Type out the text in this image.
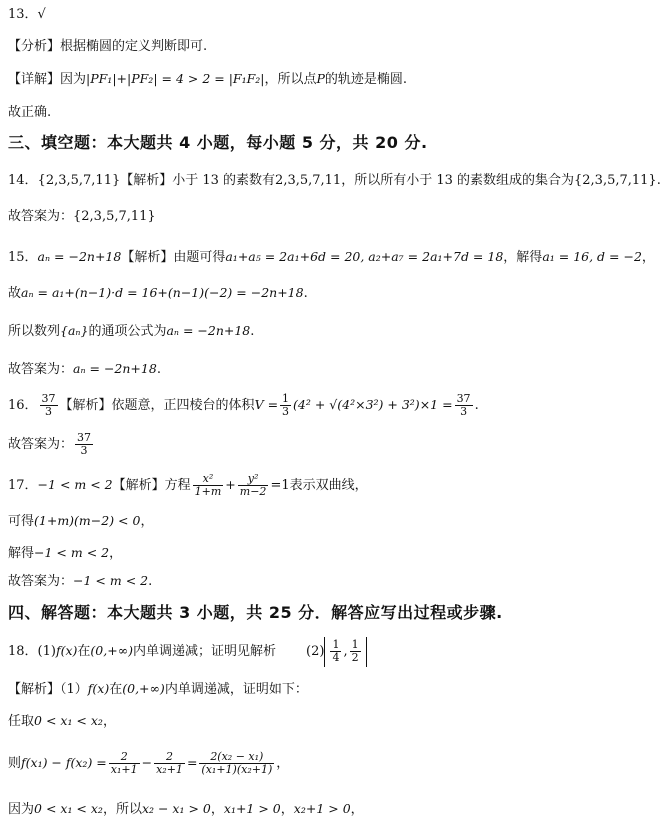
13．√
【分析】根据椭圆的定义判断即可.
【详解】因为|PF₁|+|PF₂| = 4 > 2 = |F₁F₂|，所以点P的轨迹是椭圆.
故正确.
三、填空题：本大题共 4 小题，每小题 5 分，共 20 分.
14．{2,3,5,7,11}【解析】小于 13 的素数有2,3,5,7,11，所以所有小于 13 的素数组成的集合为{2,3,5,7,11}.
故答案为：{2,3,5,7,11}
15．aₙ = −2n+18【解析】由题可得a₁+a₅ = 2a₁+6d = 20, a₂+a₇ = 2a₁+7d = 18，解得a₁ = 16, d = −2，
故aₙ = a₁+(n−1)·d = 16+(n−1)(−2) = −2n+18.
所以数列{aₙ}的通项公式为aₙ = −2n+18.
故答案为：aₙ = −2n+18.
16． $\frac{37}{3}$ 【解析】依题意，正四棱台的体积$V = \frac{1}{3} (4^2 + √(4^2\times 3^2) + 3^2)\times 1 = \frac{37}{3}$ .
故答案为： $\frac{37}{3}$
17．−1 < m < 2【解析】方程 $\frac{\text{x²}}{1+m} + \frac{\text{y²}}{m-2} =1$表示双曲线，
可得(1+m)(m−2) < 0，
解得−1 < m < 2，
故答案为：−1 < m < 2.
四、解答题：本大题共 3 小题，共 25 分．解答应写出过程或步骤.
18．(1)f(x)在(0,+∞)内单调递减；证明见解析 $(2) \frac{1}{4}$ , $\frac{1}{2}$
【解析】（1）f(x)在(0,+∞)内单调递减，证明如下：
任取0 < x₁ < x₂，
则$f(x_1) - f(x_2) = \frac{2}{\text{x₁+1}} - \frac{2}{\text{x₂+1}} = \frac{\text{2(x₂ − x₁)}}{\text{(x₁+1)(x₂+1)}}$ ，
因为0 < x₁ < x₂，所以x₂ − x₁ > 0，x₁+1 > 0，x₂+1 > 0，
